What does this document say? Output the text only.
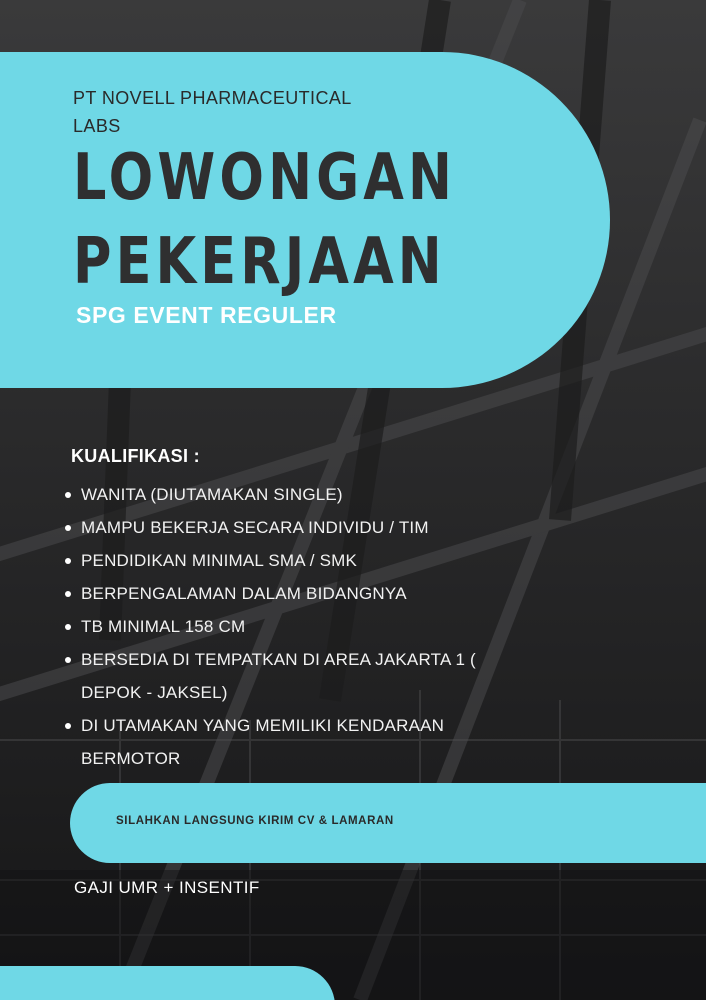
PT NOVELL PHARMACEUTICAL LABS
LOWONGAN
PEKERJAAN
SPG EVENT REGULER
KUALIFIKASI :
WANITA (DIUTAMAKAN SINGLE)
MAMPU BEKERJA SECARA INDIVIDU / TIM
PENDIDIKAN MINIMAL SMA / SMK
BERPENGALAMAN DALAM BIDANGNYA
TB MINIMAL 158 CM
BERSEDIA DI TEMPATKAN DI AREA JAKARTA 1 ( DEPOK - JAKSEL)
DI UTAMAKAN YANG MEMILIKI KENDARAAN BERMOTOR
SILAHKAN LANGSUNG KIRIM CV & LAMARAN
GAJI UMR + INSENTIF
